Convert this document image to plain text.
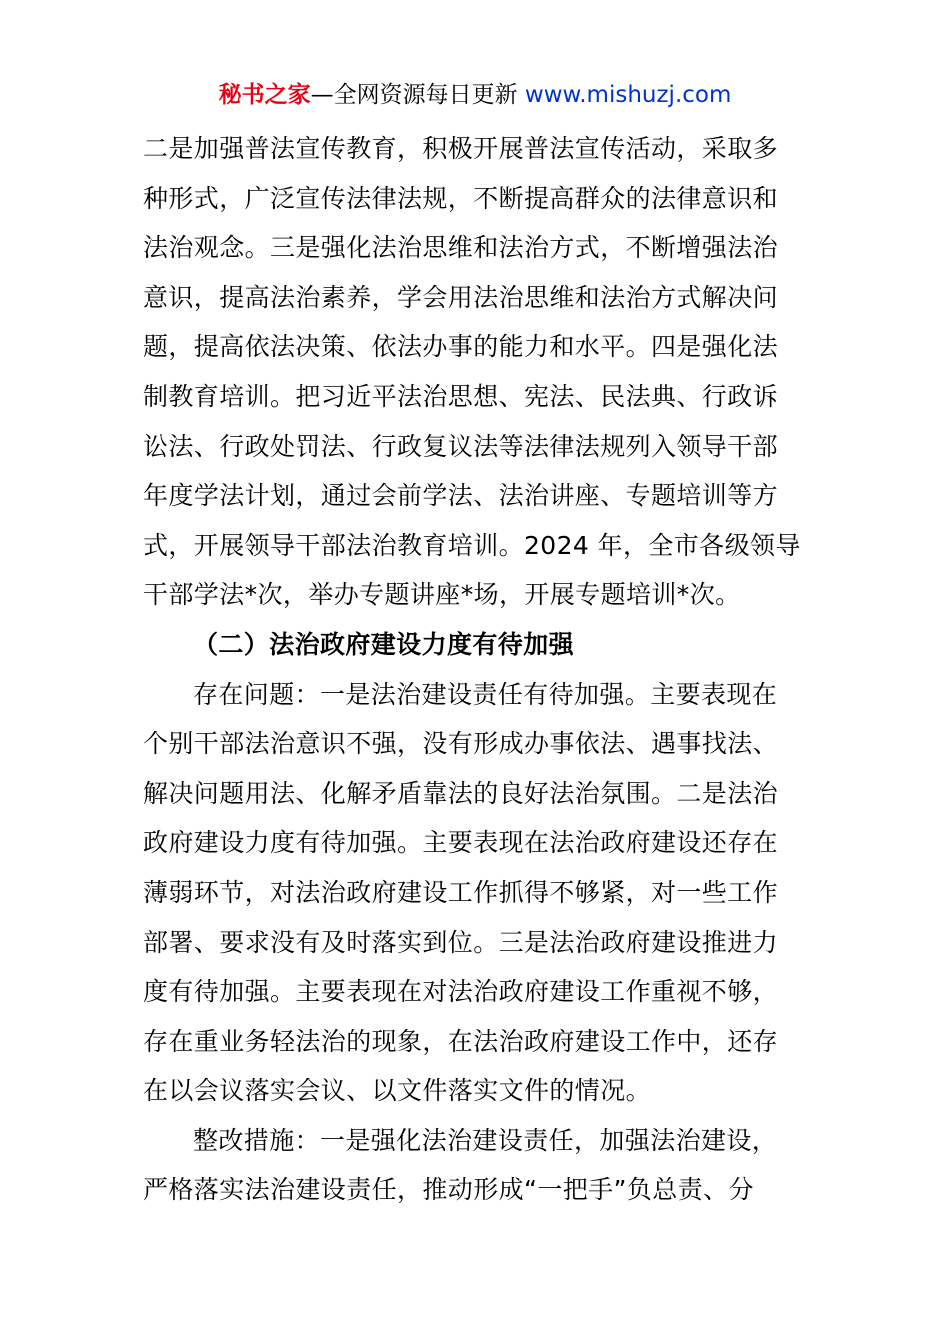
秘书之家—全网资源每日更新 www.mishuzj.com
二是加强普法宣传教育，积极开展普法宣传活动，采取多
种形式，广泛宣传法律法规，不断提高群众的法律意识和
法治观念。三是强化法治思维和法治方式，不断增强法治
意识，提高法治素养，学会用法治思维和法治方式解决问
题，提高依法决策、依法办事的能力和水平。四是强化法
制教育培训。把习近平法治思想、宪法、民法典、行政诉
讼法、行政处罚法、行政复议法等法律法规列入领导干部
年度学法计划，通过会前学法、法治讲座、专题培训等方
式，开展领导干部法治教育培训。2024 年，全市各级领导
干部学法*次，举办专题讲座*场，开展专题培训*次。
（二）法治政府建设力度有待加强
存在问题：一是法治建设责任有待加强。主要表现在
个别干部法治意识不强，没有形成办事依法、遇事找法、
解决问题用法、化解矛盾靠法的良好法治氛围。二是法治
政府建设力度有待加强。主要表现在法治政府建设还存在
薄弱环节，对法治政府建设工作抓得不够紧，对一些工作
部署、要求没有及时落实到位。三是法治政府建设推进力
度有待加强。主要表现在对法治政府建设工作重视不够，
存在重业务轻法治的现象，在法治政府建设工作中，还存
在以会议落实会议、以文件落实文件的情况。
整改措施：一是强化法治建设责任，加强法治建设，
严格落实法治建设责任，推动形成“一把手”负总责、分
